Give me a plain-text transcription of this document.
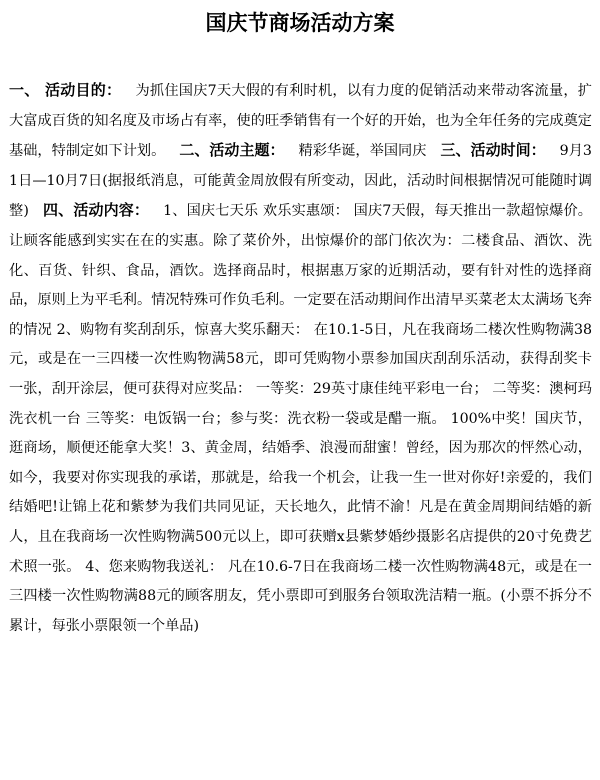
国庆节商场活动方案

一、 活动目的： 为抓住国庆7天大假的有利时机，以有力度的促销活动来带动客流量，扩大富成百货的知名度及市场占有率，使的旺季销售有一个好的开始，也为全年任务的完成奠定基础，特制定如下计划。 二、活动主题： 精彩华诞，举国同庆 三、活动时间： 9月31日—10月7日(据报纸消息，可能黄金周放假有所变动，因此，活动时间根据情况可能随时调整) 四、活动内容： 1、国庆七天乐 欢乐实惠颂： 国庆7天假，每天推出一款超惊爆价。让顾客能感到实实在在的实惠。除了菜价外，出惊爆价的部门依次为：二楼食品、酒饮、洗化、百货、针织、食品，酒饮。选择商品时，根据惠万家的近期活动，要有针对性的选择商品，原则上为平毛利。情况特殊可作负毛利。一定要在活动期间作出清早买菜老太太满场飞奔的情况 2、购物有奖刮刮乐，惊喜大奖乐翻天： 在10.1-5日，凡在我商场二楼次性购物满38元，或是在一三四楼一次性购物满58元，即可凭购物小票参加国庆刮刮乐活动，获得刮奖卡一张，刮开涂层，便可获得对应奖品： 一等奖：29英寸康佳纯平彩电一台； 二等奖：澳柯玛洗衣机一台 三等奖：电饭锅一台；参与奖：洗衣粉一袋或是醋一瓶。 100%中奖！国庆节，逛商场，顺便还能拿大奖！3、黄金周，结婚季、浪漫而甜蜜！曾经，因为那次的怦然心动，如今，我要对你实现我的承诺，那就是，给我一个机会，让我一生一世对你好!亲爱的，我们结婚吧!让锦上花和紫梦为我们共同见证，天长地久，此情不渝！凡是在黄金周期间结婚的新人，且在我商场一次性购物满500元以上，即可获赠x县紫梦婚纱摄影名店提供的20寸免费艺术照一张。 4、您来购物我送礼： 凡在10.6-7日在我商场二楼一次性购物满48元，或是在一三四楼一次性购物满88元的顾客朋友，凭小票即可到服务台领取洗洁精一瓶。(小票不拆分不累计，每张小票限领一个单品)
